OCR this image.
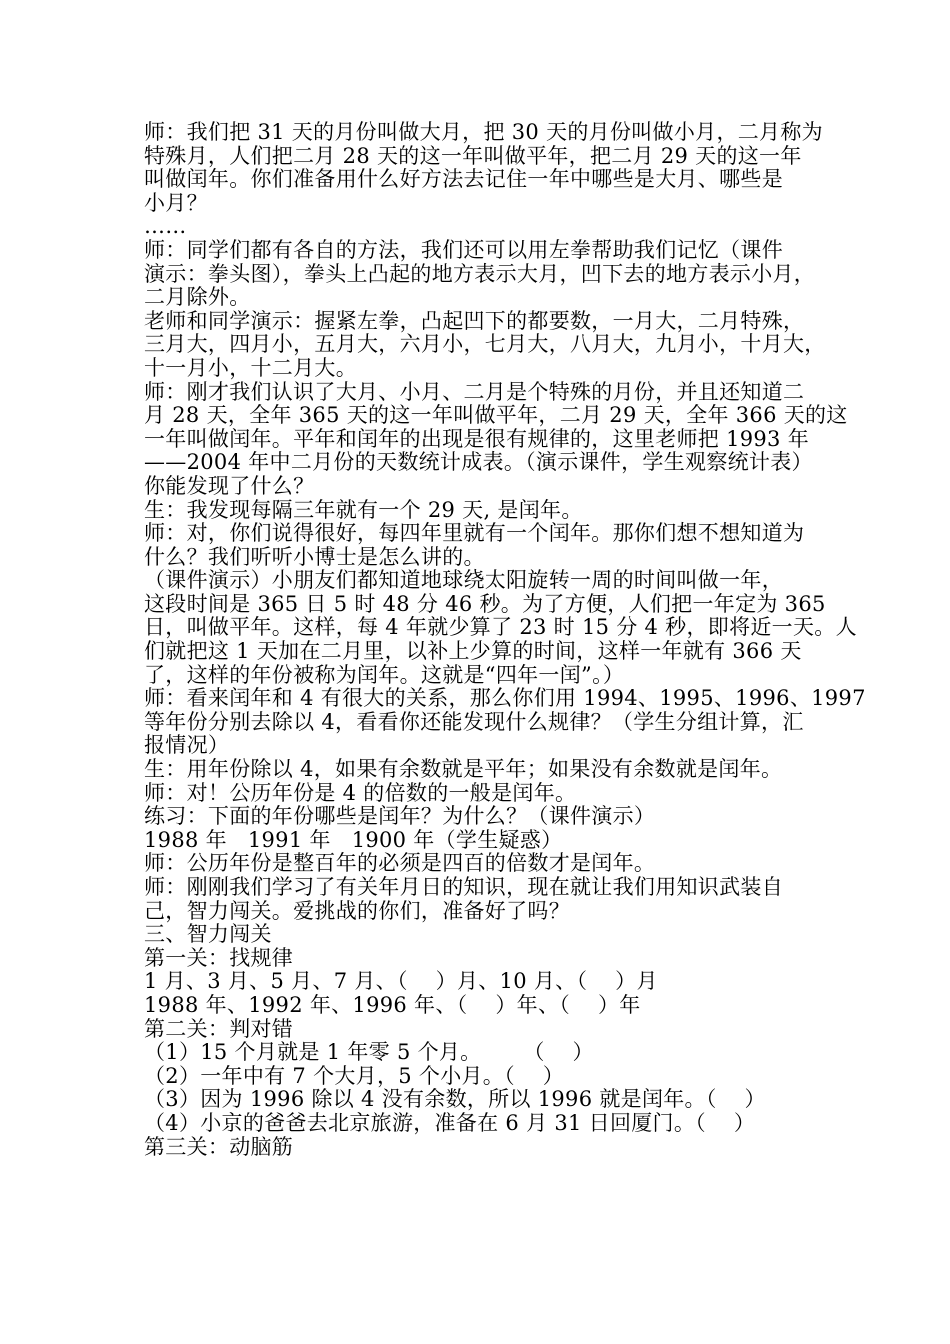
师：我们把 31 天的月份叫做大月，把 30 天的月份叫做小月，二月称为
特殊月，人们把二月 28 天的这一年叫做平年，把二月 29 天的这一年
叫做闰年。你们准备用什么好方法去记住一年中哪些是大月、哪些是
小月？
……
师：同学们都有各自的方法，我们还可以用左拳帮助我们记忆（课件
演示：拳头图），拳头上凸起的地方表示大月，凹下去的地方表示小月，
二月除外。
老师和同学演示：握紧左拳，凸起凹下的都要数，一月大，二月特殊，
三月大，四月小，五月大，六月小，七月大，八月大，九月小，十月大，
十一月小，十二月大。
师：刚才我们认识了大月、小月、二月是个特殊的月份，并且还知道二
月 28 天，全年 365 天的这一年叫做平年，二月 29 天，全年 366 天的这
一年叫做闰年。平年和闰年的出现是很有规律的，这里老师把 1993 年
——2004 年中二月份的天数统计成表。（演示课件，学生观察统计表）
你能发现了什么？
生：我发现每隔三年就有一个 29 天, 是闰年。
师：对，你们说得很好，每四年里就有一个闰年。那你们想不想知道为
什么？我们听听小博士是怎么讲的。
（课件演示）小朋友们都知道地球绕太阳旋转一周的时间叫做一年，
这段时间是 365 日 5 时 48 分 46 秒。为了方便，人们把一年定为 365
日，叫做平年。这样，每 4 年就少算了 23 时 15 分 4 秒，即将近一天。人
们就把这 1 天加在二月里，以补上少算的时间，这样一年就有 366 天
了，这样的年份被称为闰年。这就是“四年一闰”。）
师：看来闰年和 4 有很大的关系，那么你们用 1994、1995、1996、1997
等年份分别去除以 4，看看你还能发现什么规律？（学生分组计算，汇
报情况）
生：用年份除以 4，如果有余数就是平年；如果没有余数就是闰年。
师：对！公历年份是 4 的倍数的一般是闰年。
练习：下面的年份哪些是闰年？为什么？（课件演示）
1988 年   1991 年   1900 年（学生疑惑）
师：公历年份是整百年的必须是四百的倍数才是闰年。
师：刚刚我们学习了有关年月日的知识，现在就让我们用知识武装自
己，智力闯关。爱挑战的你们，准备好了吗？
三、智力闯关
第一关：找规律
1 月、3 月、5 月、7 月、（    ）月、10 月、（    ）月
1988 年、1992 年、1996 年、（    ）年、（    ）年
第二关：判对错
（1）15 个月就是 1 年零 5 个月。      （    ）
（2）一年中有 7 个大月，5 个小月。（    ）
（3）因为 1996 除以 4 没有余数，所以 1996 就是闰年。（    ）
（4）小京的爸爸去北京旅游，准备在 6 月 31 日回厦门。（    ）
第三关：动脑筋
